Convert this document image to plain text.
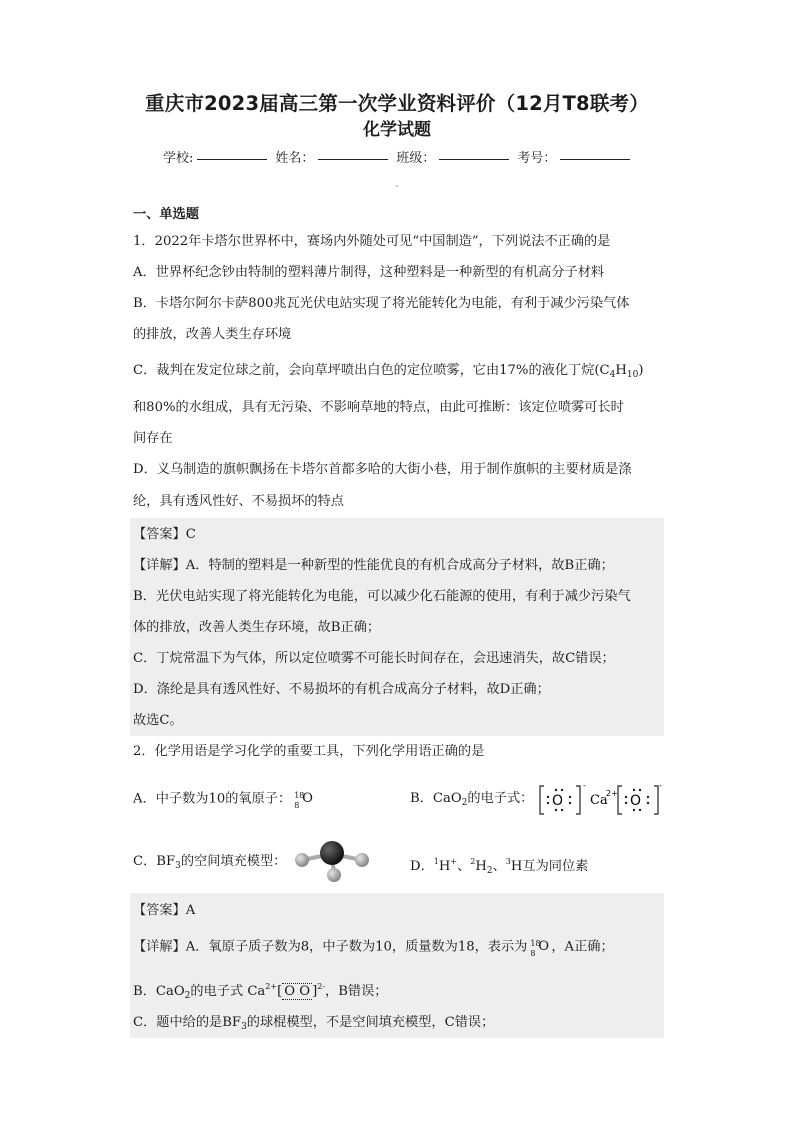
重庆市2023届高三第一次学业资料评价（12月T8联考）
化学试题
学校:	姓名：	班级：	考号：
一、单选题
1．2022年卡塔尔世界杯中，赛场内外随处可见“中国制造”，下列说法不正确的是
A．世界杯纪念钞由特制的塑料薄片制得，这种塑料是一种新型的有机高分子材料
B．卡塔尔阿尔卡萨800兆瓦光伏电站实现了将光能转化为电能，有利于减少污染气体
的排放，改善人类生存环境
C．裁判在发定位球之前，会向草坪喷出白色的定位喷雾，它由17%的液化丁烷$(C_4H_{10})$
和80%的水组成，具有无污染、不影响草地的特点，由此可推断：该定位喷雾可长时
间存在
D．义乌制造的旗帜飘扬在卡塔尔首都多哈的大街小巷，用于制作旗帜的主要材质是涤
纶，具有透风性好、不易损坏的特点
【答案】C
【详解】A．特制的塑料是一种新型的性能优良的有机合成高分子材料，故B正确；
B．光伏电站实现了将光能转化为电能，可以减少化石能源的使用，有利于减少污染气
体的排放，改善人类生存环境，故B正确；
C．丁烷常温下为气体，所以定位喷雾不可能长时间存在，会迅速消失，故C错误；
D．涤纶是具有透风性好、不易损坏的有机合成高分子材料，故D正确；
故选C。
2．化学用语是学习化学的重要工具，下列化学用语正确的是
A．中子数为10的氧原子： 18
8 O	B．CaO$_2$的电子式： O
-
Ca
2+ O
-
C．$BF_3$的空间填充模型：	D．$^1$H+、$^2H_2$、$^3$H互为同位素
【答案】A
【详解】A．氧原子质子数为8，中子数为10，质量数为18，表示为 18
8 O ，A正确；
B．CaO$_2$的电子式 $Ca^{2+}$[ O O ]$^{2-}$，B错误；
C．题中给的是$BF_3$的球棍模型，不是空间填充模型，C错误；
